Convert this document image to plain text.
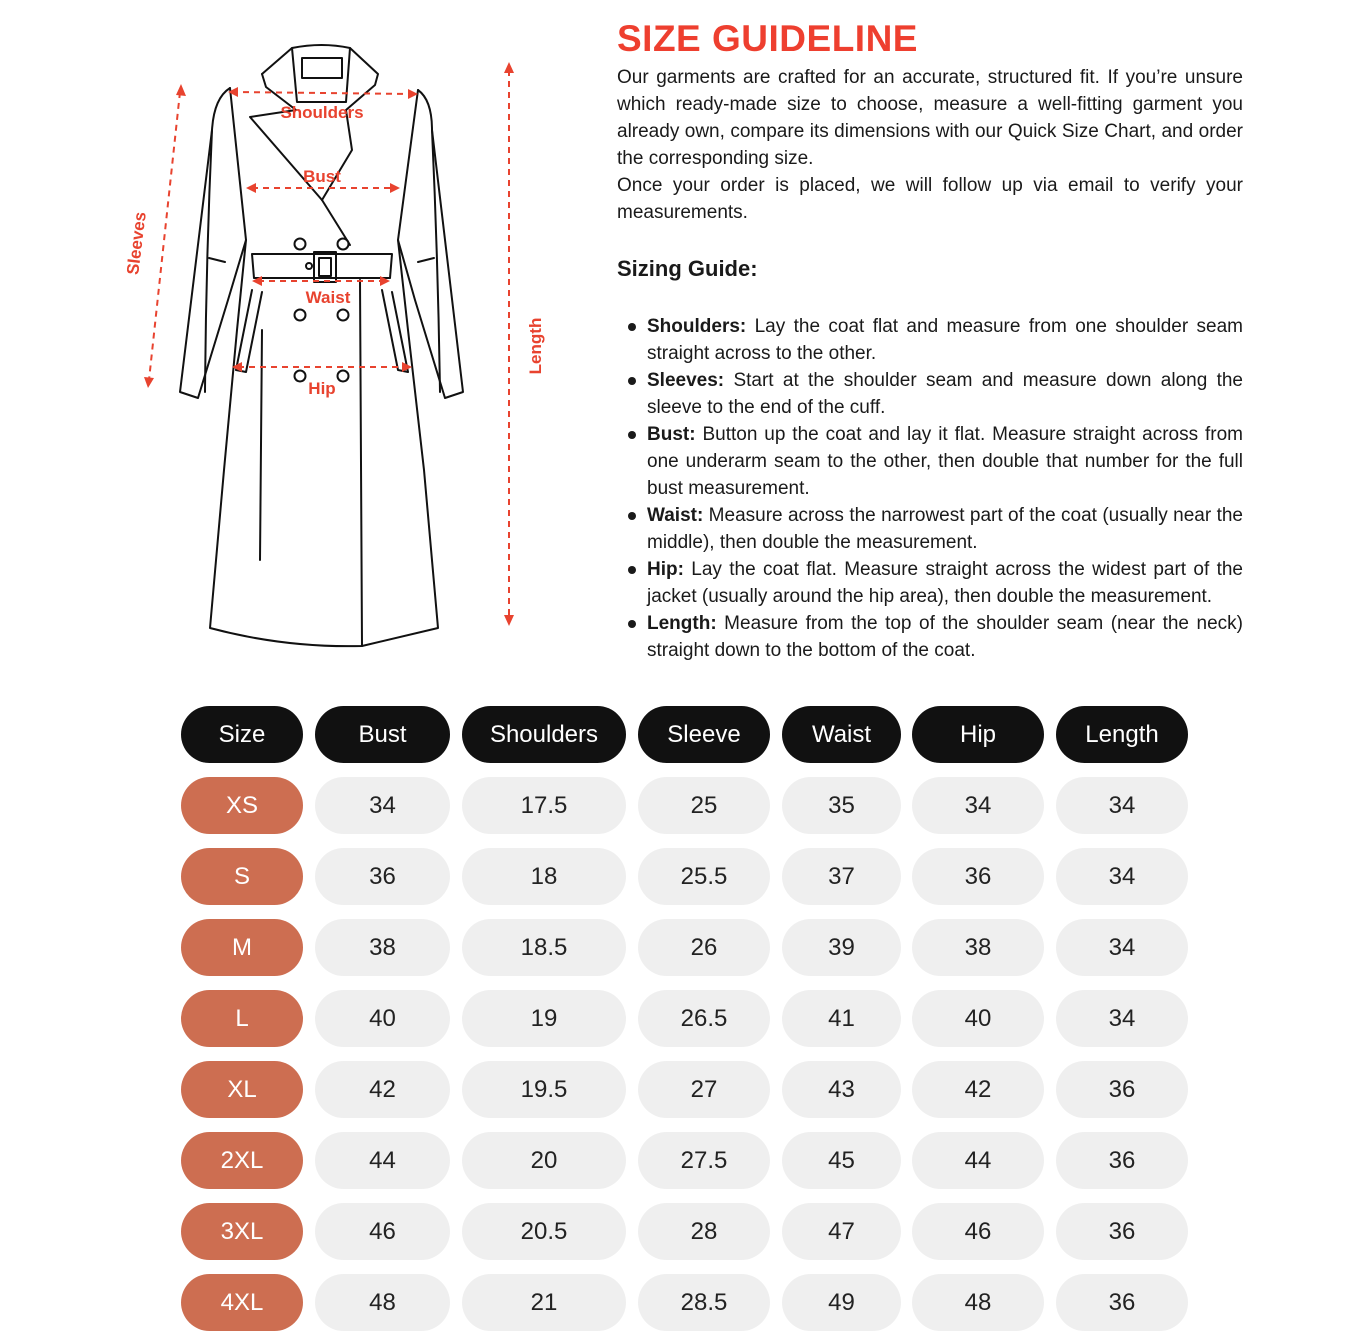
Shoulders
Bust
Waist
Hip
Sleeves
Length
SIZE GUIDELINE

Our garments are crafted for an accurate, structured fit. If you’re unsure which ready-made size to choose, measure a well-fitting garment you already own, compare its dimensions with our Quick Size Chart, and order the corresponding size.

Once your order is placed, we will follow up via email to verify your measurements.

Sizing Guide:
Shoulders: Lay the coat flat and measure from one shoulder seam straight across to the other.
Sleeves: Start at the shoulder seam and measure down along the sleeve to the end of the cuff.
Bust: Button up the coat and lay it flat. Measure straight across from one underarm seam to the other, then double that number for the full bust measurement.
Waist: Measure across the narrowest part of the coat (usually near the middle), then double the measurement.
Hip: Lay the coat flat. Measure straight across the widest part of the jacket (usually around the hip area), then double the measurement.
Length: Measure from the top of the shoulder seam (near the neck) straight down to the bottom of the coat.
Size	Bust	Shoulders	Sleeve	Waist	Hip	Length
XS	34	17.5	25	35	34	34
S	36	18	25.5	37	36	34
M	38	18.5	26	39	38	34
L	40	19	26.5	41	40	34
XL	42	19.5	27	43	42	36
2XL	44	20	27.5	45	44	36
3XL	46	20.5	28	47	46	36
4XL	48	21	28.5	49	48	36
